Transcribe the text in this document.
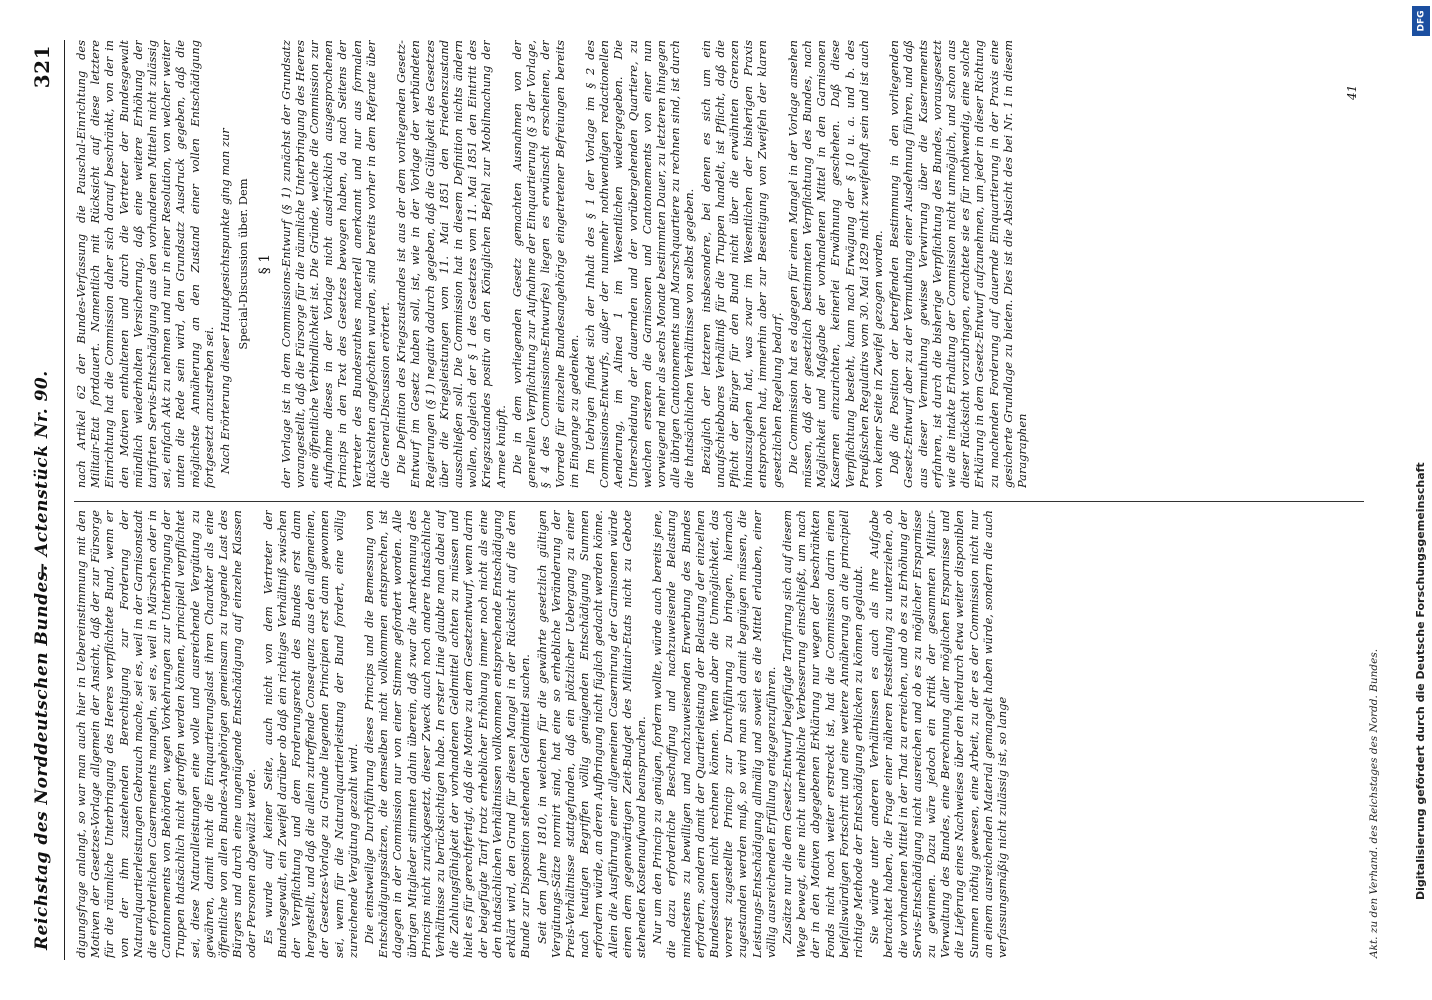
Reichstag des Norddeutschen Bundes.
— Actenstück Nr. 90.
321

digungsfrage anlangt, so war man auch hier in Uebereinstimmung mit den Motiven der Gesetzes-Vorlage allgemein der Ansicht, daß der zur Fürsorge für die räumliche Unterbringung des Heeres verpflichtete Bund, wenn er von der ihm zustehenden Berechtigung zur Forderung der Naturalquartierleistungen Gebrauch mache, sei es, weil in der Garnisonstadt die erforderlichen Casernements mangeln, sei es, weil in Märschen oder in Cantonnements von Behörden, wegen Vorkehrungen zur Unterbringung der Truppen thatsächlich nicht getroffen werden können, principiell verpflichtet sei, diese Naturalleistungen eine volle und ausreichende Vergütung zu gewähren, damit nicht die Einquartierungslast ihren Charakter als eine öffentliche von allen Bundes-Angehörigen gemeinsam zu tragende Last des Bürgers und durch eine ungenügende Entschädigung auf einzelne Klassen oder Personen abgewälzt werde. Es wurde auf keiner Seite, auch nicht von dem Vertreter der Bundesgewalt, ein Zweifel darüber ob daß ein richtiges Verhältniß zwischen der Verpflichtung und dem Forderungsrecht des Bundes erst dann hergestellt, und daß die allein zutreffende Consequenz aus den allgemeinen, der Gesetzes-Vorlage zu Grunde liegenden Principien erst dann gewonnen sei, wenn für die Naturalquartierleistung der Bund fordert, eine völlig zureichende Vergütung gezahlt wird. Die einstweilige Durchführung dieses Princips und die Bemessung von Entschädigungssätzen, die demselben nicht vollkommen entsprechen, ist dagegen in der Commission nur von einer Stimme gefordert worden. Alle übrigen Mitglieder stimmten dahin überein, daß zwar die Anerkennung des Princips nicht zurückgesetzt, dieser Zweck auch noch andere thatsächliche Verhältnisse zu berücksichtigen habe. In erster Linie glaubte man dabei auf die Zahlungsfähigkeit der vorhandenen Geldmittel achten zu müssen und hielt es für gerechtfertigt, daß die Motive zu dem Gesetzentwurf, wenn darin der beigefügte Tarif trotz erheblicher Erhöhung immer noch nicht als eine den thatsächlichen Verhältnissen vollkommen entsprechende Entschädigung erklärt wird, den Grund für diesen Mangel in der Rücksicht auf die dem Bunde zur Disposition stehenden Geldmittel suchen. Seit dem Jahre 1810, in welchem für die gewährte gesetzlich gültigen Vergütungs-Sätze normirt sind, hat eine so erhebliche Veränderung der Preis-Verhältnisse stattgefunden, daß ein plötzlicher Uebergang zu einer nach heutigen Begriffen völlig genügenden Entschädigung Summen erfordern würde, an deren Aufbringung nicht füglich gedacht werden könne. Allein die Ausführung einer allgemeinen Casernirung der Garnisonen würde einen dem gegenwärtigen Zeit-Budget des Militair-Etats nicht zu Gebote stehenden Kostenaufwand beanspruchen. Nur um den Princip zu genügen, fordern wollte, würde auch bereits jene, die dazu erforderliche Beschaffung und nachzuweisende Belastung mindestens zu bewilligen und nachzuweisenden Erwerbung des Bundes erfordern, sondern damit der Quartierleistung der Belastung der einzelnen Bundesstaaten nicht rechnen können. Wenn aber die Unmöglichkeit, das vorerst zugestellte Princip zur Durchführung zu bringen, hiernach zugestanden werden muß, so wird man sich damit begnügen müssen, die Leistungs-Entschädigung allmälig und soweit es die Mittel erlauben, einer völlig ausreichenden Erfüllung entgegenzuführen. Zusätze nur die dem Gesetz-Entwurf beigefügte Tarifirung sich auf diesem Wege bewegt, eine nicht unerhebliche Verbesserung einschließt, um nach der in den Motiven abgegebenen Erklärung nur wegen der beschränkten Fonds nicht noch weiter erstreckt ist, hat die Commission darin einen beifallswürdigen Fortschritt und eine weitere Annäherung an die principiell richtige Methode der Entschädigung erblicken zu können geglaubt. Sie würde unter anderen Verhältnissen es auch als ihre Aufgabe betrachtet haben, die Frage einer näheren Feststellung zu unterziehen, ob die vorhandenen Mittel in der That zu erreichen, und ob es zu Erhöhung der Servis-Entschädigung nicht ausreichen und ob es zu möglicher Ersparnisse zu gewinnen. Dazu wäre jedoch ein Kritik der gesammten Militair-Verwaltung des Bundes, eine Berechnung aller möglichen Ersparnisse und die Lieferung eines Nachweises über den hierdurch etwa weiter disponiblen Summen nöthig gewesen, eine Arbeit, zu der es der Commission nicht nur an einem ausreichenden Material gemangelt haben würde, sondern die auch verfassungsmäßig nicht zulässig ist, so lange

nach Artikel 62 der Bundes-Verfassung die Pauschal-Einrichtung des Militair-Etat fortdauert. Namentlich mit Rücksicht auf diese letztere Einrichtung hat die Commission daher sich darauf beschränkt, von der in den Motiven enthaltenen und durch die Vertreter der Bundesgewalt mündlich wiederholten Versicherung, daß eine weitere Erhöhung der tarifirten Servis-Entschädigung aus den vorhandenen Mitteln nicht zulässig sei, einfach Akt zu nehmen und nur in einer Resolution, von welcher weiter unten die Rede sein wird, den Grundsatz Ausdruck gegeben, daß die möglichste Annäherung an den Zustand einer vollen Entschädigung fortgesetzt anzustreben sei. Nach Erörterung dieser Hauptgesichtspunkte ging man zur Special-Discussion über. Dem § 1 der Vorlage ist in dem Commissions-Entwurf (§ 1) zunächst der Grundsatz vorangestellt, daß die Fürsorge für die räumliche Unterbringung des Heeres eine öffentliche Verbindlichkeit ist. Die Gründe, welche die Commission zur Aufnahme dieses in der Vorlage nicht ausdrücklich ausgesprochenen Princips in den Text des Gesetzes bewogen haben, da nach Seitens der Vertreter des Bundesrathes materiell anerkannt und nur aus formalen Rücksichten angefochten wurden, sind bereits vorher in dem Referate über die General-Discussion erörtert. Die Definition des Kriegszustandes ist aus der dem vorliegenden Gesetz-Entwurf im Gesetz haben soll, ist, wie in der Vorlage der verbündeten Regierungen (§ 1) negativ dadurch gegeben, daß die Gültigkeit des Gesetzes über die Kriegsleistungen vom 11. Mai 1851 den Friedenszustand ausschließen soll. Die Commission hat in diesem Definition nichts ändern wollen, obgleich der § 1 des Gesetzes vom 11. Mai 1851 den Eintritt des Kriegszustandes positiv an den Königlichen Befehl zur Mobilmachung der Armee knüpft. Die in dem vorliegenden Gesetz gemachten Ausnahmen von der generellen Verpflichtung zur Aufnahme der Einquartierung (§ 3 der Vorlage, § 4 des Commissions-Entwurfes) liegen es erwünscht erscheinen, der Vorrede für einzelne Bundesangehörige eingetretener Befreiungen bereits im Eingange zu gedenken. Im Uebrigen findet sich der Inhalt des § 1 der Vorlage im § 2 des Commissions-Entwurfs, außer der nunmehr nothwendigen redactionellen Aenderung, im Alinea 1 im Wesentlichen wiedergegeben. Die Unterscheidung der dauernden und der vorübergehenden Quartiere, zu welchen ersteren die Garnisonen und Cantonnements von einer nun vorwiegend mehr als sechs Monate bestimmten Dauer, zu letzteren hingegen alle übrigen Cantonnements und Marschquartiere zu rechnen sind, ist durch die thatsächlichen Verhältnisse von selbst gegeben. Bezüglich der letzteren insbesondere, bei denen es sich um ein unaufschiebbares Verhältniß für die Truppen handelt, ist Pflicht, daß die Pflicht der Bürger für den Bund nicht über die erwähnten Grenzen hinauszugehen hat, was zwar im Wesentlichen der bisherigen Praxis entsprochen hat, immerhin aber zur Beseitigung von Zweifeln der klaren gesetzlichen Regelung bedarf. Die Commission hat es dagegen für einen Mangel in der Vorlage ansehen müssen, daß der gesetzlich bestimmten Verpflichtung des Bundes, nach Möglichkeit und Maßgabe der vorhandenen Mittel in den Garnisonen Kasernen einzurichten, keinerlei Erwähnung geschehen. Daß diese Verpflichtung besteht, kann nach Erwägung der § 10 u. a. und b. des Preußischen Regulativs vom 30. Mai 1829 nicht zweifelhaft sein und ist auch von keiner Seite in Zweifel gezogen worden. Daß die Position der betreffenden Bestimmung in den vorliegenden Gesetz-Entwurf aber zu der Vermuthung einer Ausdehnung führen, und daß aus dieser Vermuthung gewisse Verwirrung über die Kasernements erfahren, ist durch die bisherige Verpflichtung des Bundes, vorausgesetzt wie die intakte Erhaltung der Commission nicht unmöglich, und schon aus dieser Rücksicht vorzubringen, erachtete sie es für nothwendig, eine solche Erklärung in dem Gesetz-Entwurf aufzunehmen, um jeder in dieser Richtung zu machenden Forderung auf dauernde Einquartierung in der Praxis eine gesicherte Grundlage zu bieten. Dies ist die Absicht des bei Nr. 1 in diesem Paragraphen

Akt. zu den Verhand. des Reichstages des Nordd. Bundes.
41
DFG
Digitalisierung gefördert durch die Deutsche Forschungsgemeinschaft
